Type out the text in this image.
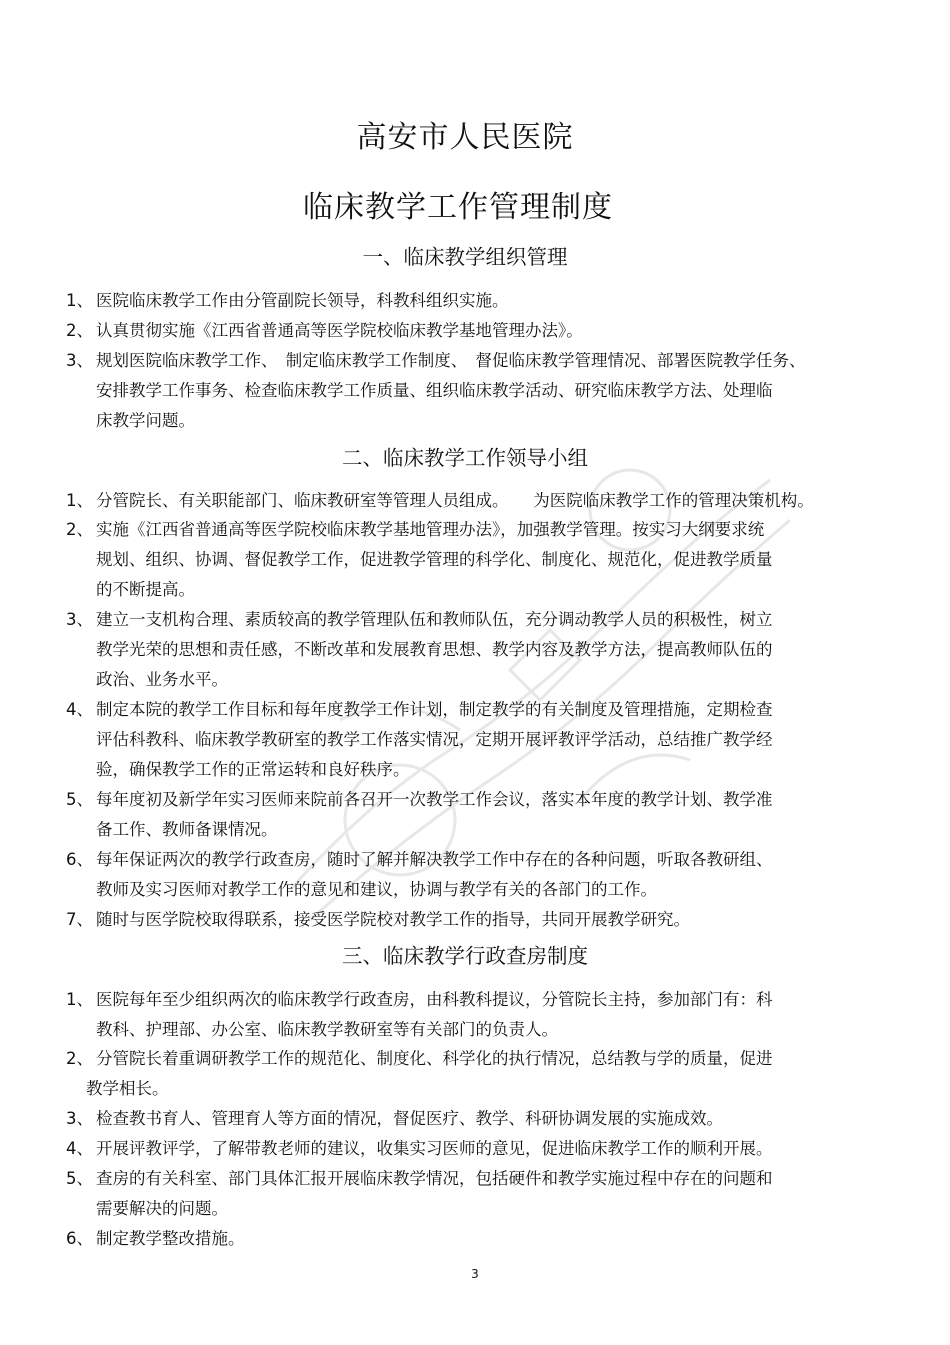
高安市人民医院
临床教学工作管理制度
一、临床教学组织管理
1、 医院临床教学工作由分管副院长领导，科教科组织实施。
2、 认真贯彻实施《江西省普通高等医学院校临床教学基地管理办法》。
3、 规划医院临床教学工作、　制定临床教学工作制度、　督促临床教学管理情况、部署医院教学任务、
安排教学工作事务、检查临床教学工作质量、组织临床教学活动、研究临床教学方法、处理临
床教学问题。
二、临床教学工作领导小组
1、 分管院长、有关职能部门、临床教研室等管理人员组成。　　为医院临床教学工作的管理决策机构。
2、 实施《江西省普通高等医学院校临床教学基地管理办法》，加强教学管理。按实习大纲要求统
规划、组织、协调、督促教学工作，促进教学管理的科学化、制度化、规范化，促进教学质量
的不断提高。
3、 建立一支机构合理、素质较高的教学管理队伍和教师队伍，充分调动教学人员的积极性，树立
教学光荣的思想和责任感，不断改革和发展教育思想、教学内容及教学方法，提高教师队伍的
政治、业务水平。
4、 制定本院的教学工作目标和每年度教学工作计划，制定教学的有关制度及管理措施，定期检查
评估科教科、临床教学教研室的教学工作落实情况，定期开展评教评学活动，总结推广教学经
验，确保教学工作的正常运转和良好秩序。
5、 每年度初及新学年实习医师来院前各召开一次教学工作会议，落实本年度的教学计划、教学准
备工作、教师备课情况。
6、 每年保证两次的教学行政查房，随时了解并解决教学工作中存在的各种问题，听取各教研组、
教师及实习医师对教学工作的意见和建议，协调与教学有关的各部门的工作。
7、 随时与医学院校取得联系，接受医学院校对教学工作的指导，共同开展教学研究。
三、临床教学行政查房制度
1、 医院每年至少组织两次的临床教学行政查房，由科教科提议，分管院长主持，参加部门有：科
教科、护理部、办公室、临床教学教研室等有关部门的负责人。
2、 分管院长着重调研教学工作的规范化、制度化、科学化的执行情况，总结教与学的质量，促进
教学相长。
3、 检查教书育人、管理育人等方面的情况，督促医疗、教学、科研协调发展的实施成效。
4、 开展评教评学，了解带教老师的建议，收集实习医师的意见，促进临床教学工作的顺利开展。
5、 查房的有关科室、部门具体汇报开展临床教学情况，包括硬件和教学实施过程中存在的问题和
需要解决的问题。
6、 制定教学整改措施。
3
